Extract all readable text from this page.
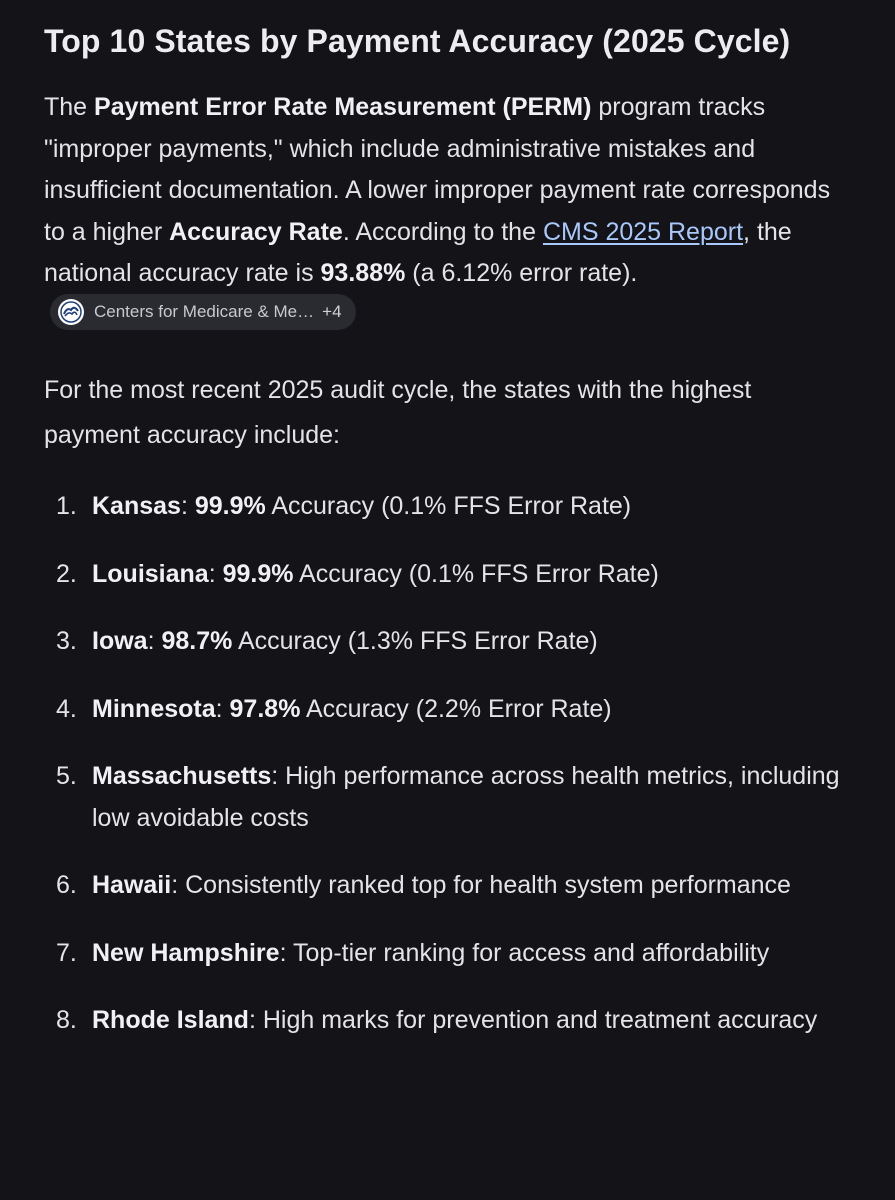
Top 10 States by Payment Accuracy (2025 Cycle)

The Payment Error Rate Measurement (PERM) program tracks "improper payments," which include administrative mistakes and insufficient documentation. A lower improper payment rate corresponds to a higher Accuracy Rate. According to the CMS 2025 Report, the national accuracy rate is 93.88% (a 6.12% error rate).
Centers for Medicare & Me… +4

For the most recent 2025 audit cycle, the states with the highest payment accuracy include:

1. Kansas: 99.9% Accuracy (0.1% FFS Error Rate)
2. Louisiana: 99.9% Accuracy (0.1% FFS Error Rate)
3. Iowa: 98.7% Accuracy (1.3% FFS Error Rate)
4. Minnesota: 97.8% Accuracy (2.2% Error Rate)
5. Massachusetts: High performance across health metrics, including low avoidable costs
6. Hawaii: Consistently ranked top for health system performance
7. New Hampshire: Top-tier ranking for access and affordability
8. Rhode Island: High marks for prevention and treatment accuracy
